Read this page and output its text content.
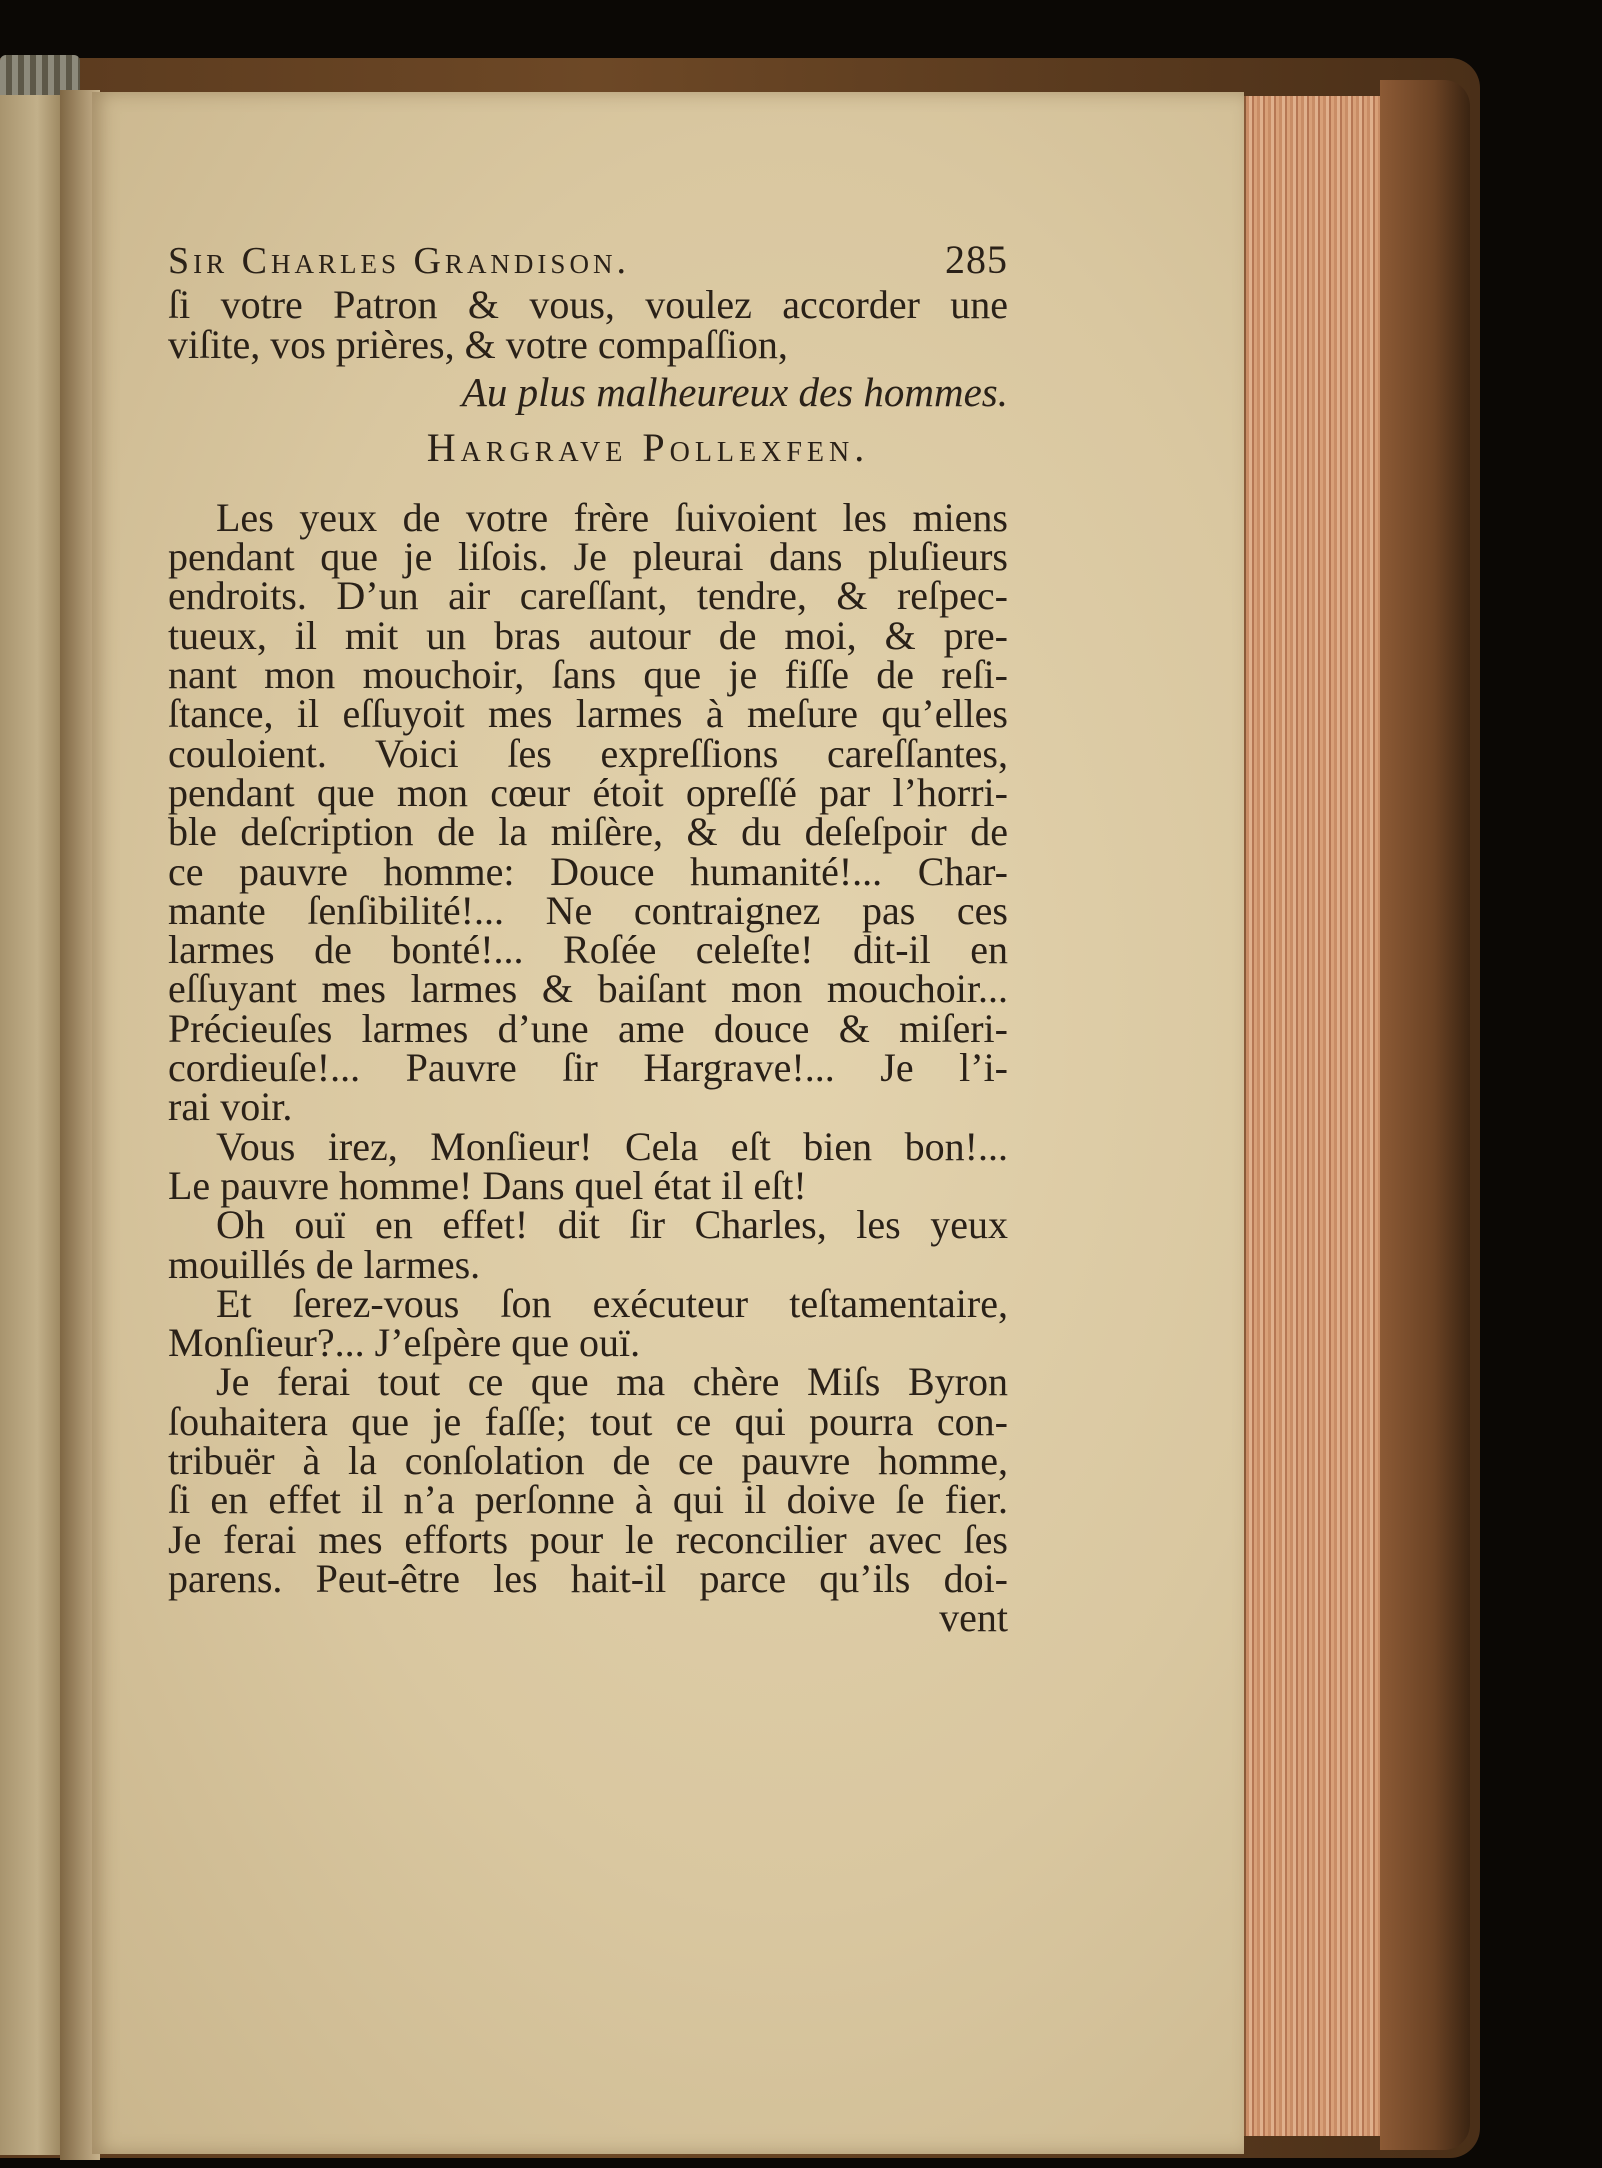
Sir Charles Grandison.	285
ſi votre Patron & vous, voulez accorder une
viſite, vos prières, & votre compaſſion,
Au plus malheureux des hommes.
Hargrave Pollexfen.
Les yeux de votre frère ſuivoient les miens
pendant que je liſois. Je pleurai dans pluſieurs
endroits. D’un air careſſant, tendre, & reſpec-
tueux, il mit un bras autour de moi, & pre-
nant mon mouchoir, ſans que je fiſſe de reſi-
ſtance, il eſſuyoit mes larmes à meſure qu’elles
couloient. Voici ſes expreſſions careſſantes,
pendant que mon cœur étoit opreſſé par l’horri-
ble deſcription de la miſère, & du deſeſpoir de
ce pauvre homme: Douce humanité!... Char-
mante ſenſibilité!... Ne contraignez pas ces
larmes de bonté!... Roſée celeſte! dit-il en
eſſuyant mes larmes & baiſant mon mouchoir...
Précieuſes larmes d’une ame douce & miſeri-
cordieuſe!... Pauvre ſir Hargrave!... Je l’i-
rai voir.
Vous irez, Monſieur! Cela eſt bien bon!...
Le pauvre homme! Dans quel état il eſt!
Oh ouï en effet! dit ſir Charles, les yeux
mouillés de larmes.
Et ſerez-vous ſon exécuteur teſtamentaire,
Monſieur?... J’eſpère que ouï.
Je ferai tout ce que ma chère Miſs Byron
ſouhaitera que je faſſe; tout ce qui pourra con-
tribuër à la conſolation de ce pauvre homme,
ſi en effet il n’a perſonne à qui il doive ſe fier.
Je ferai mes efforts pour le reconcilier avec ſes
parens. Peut-être les hait-il parce qu’ils doi-
vent
